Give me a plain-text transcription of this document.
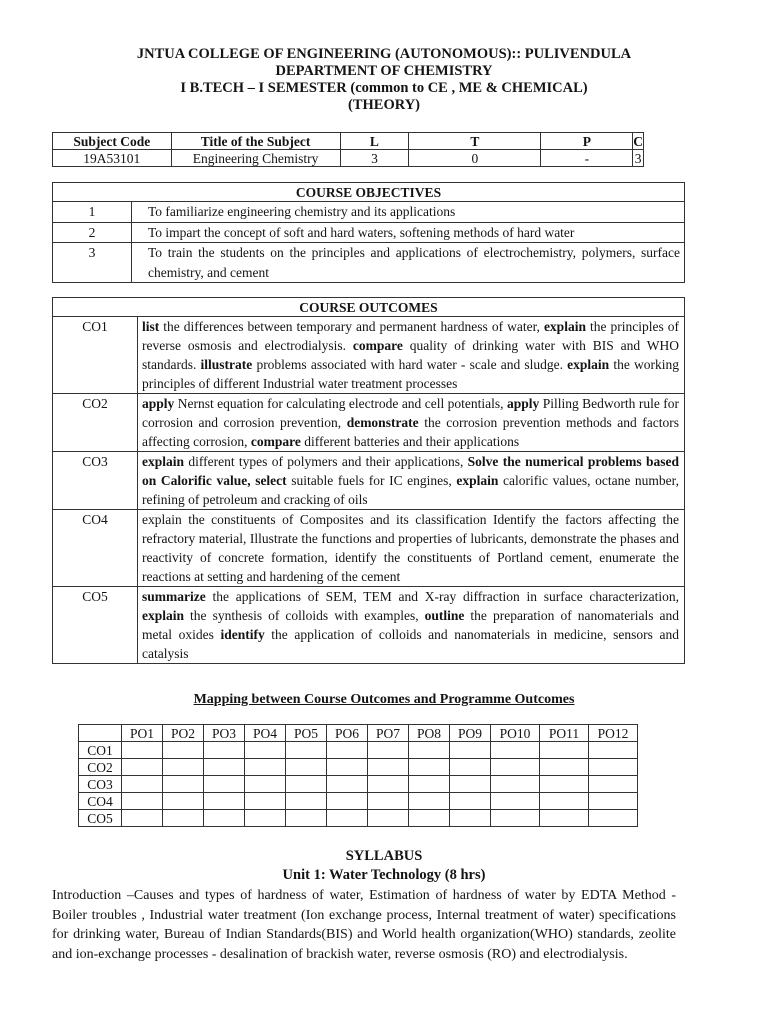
JNTUA COLLEGE OF ENGINEERING (AUTONOMOUS):: PULIVENDULA
DEPARTMENT OF CHEMISTRY
I B.TECH – I SEMESTER (common to CE , ME & CHEMICAL)
(THEORY)
Subject Code	Title of the Subject	L	T	P	C
19A53101	Engineering Chemistry	3	0	-	3
COURSE OBJECTIVES	
1	To familiarize engineering chemistry and its applications
2	To impart the concept of soft and hard waters, softening methods of hard water
3	To train the students on the principles and applications of electrochemistry, polymers, surface chemistry, and cement
COURSE OUTCOMES	
CO1	list the differences between temporary and permanent hardness of water, explain the principles of reverse osmosis and electrodialysis. compare quality of drinking water with BIS and WHO standards. illustrate problems associated with hard water - scale and sludge. explain the working principles of different Industrial water treatment processes
CO2	apply Nernst equation for calculating electrode and cell potentials, apply Pilling Bedworth rule for corrosion and corrosion prevention, demonstrate the corrosion prevention methods and factors affecting corrosion, compare different batteries and their applications
CO3	explain different types of polymers and their applications, Solve the numerical problems based on Calorific value, select suitable fuels for IC engines, explain calorific values, octane number, refining of petroleum and cracking of oils
CO4	explain the constituents of Composites and its classification Identify the factors affecting the refractory material, Illustrate the functions and properties of lubricants, demonstrate the phases and reactivity of concrete formation, identify the constituents of Portland cement, enumerate the reactions at setting and hardening of the cement
CO5	summarize the applications of SEM, TEM and X-ray diffraction in surface characterization, explain the synthesis of colloids with examples, outline the preparation of nanomaterials and metal oxides identify the application of colloids and nanomaterials in medicine, sensors and catalysis
Mapping between Course Outcomes and Programme Outcomes
	PO1	PO2	PO3	PO4	PO5	PO6	PO7	PO8	PO9	PO10	PO11	PO12
CO1												
CO2												
CO3												
CO4												
CO5												
SYLLABUS
Unit 1: Water Technology (8 hrs)
Introduction –Causes and types of hardness of water, Estimation of hardness of water by EDTA Method - Boiler troubles , Industrial water treatment (Ion exchange process, Internal treatment of water) specifications for drinking water, Bureau of Indian Standards(BIS) and World health organization(WHO) standards, zeolite and ion-exchange processes - desalination of brackish water, reverse osmosis (RO) and electrodialysis.
